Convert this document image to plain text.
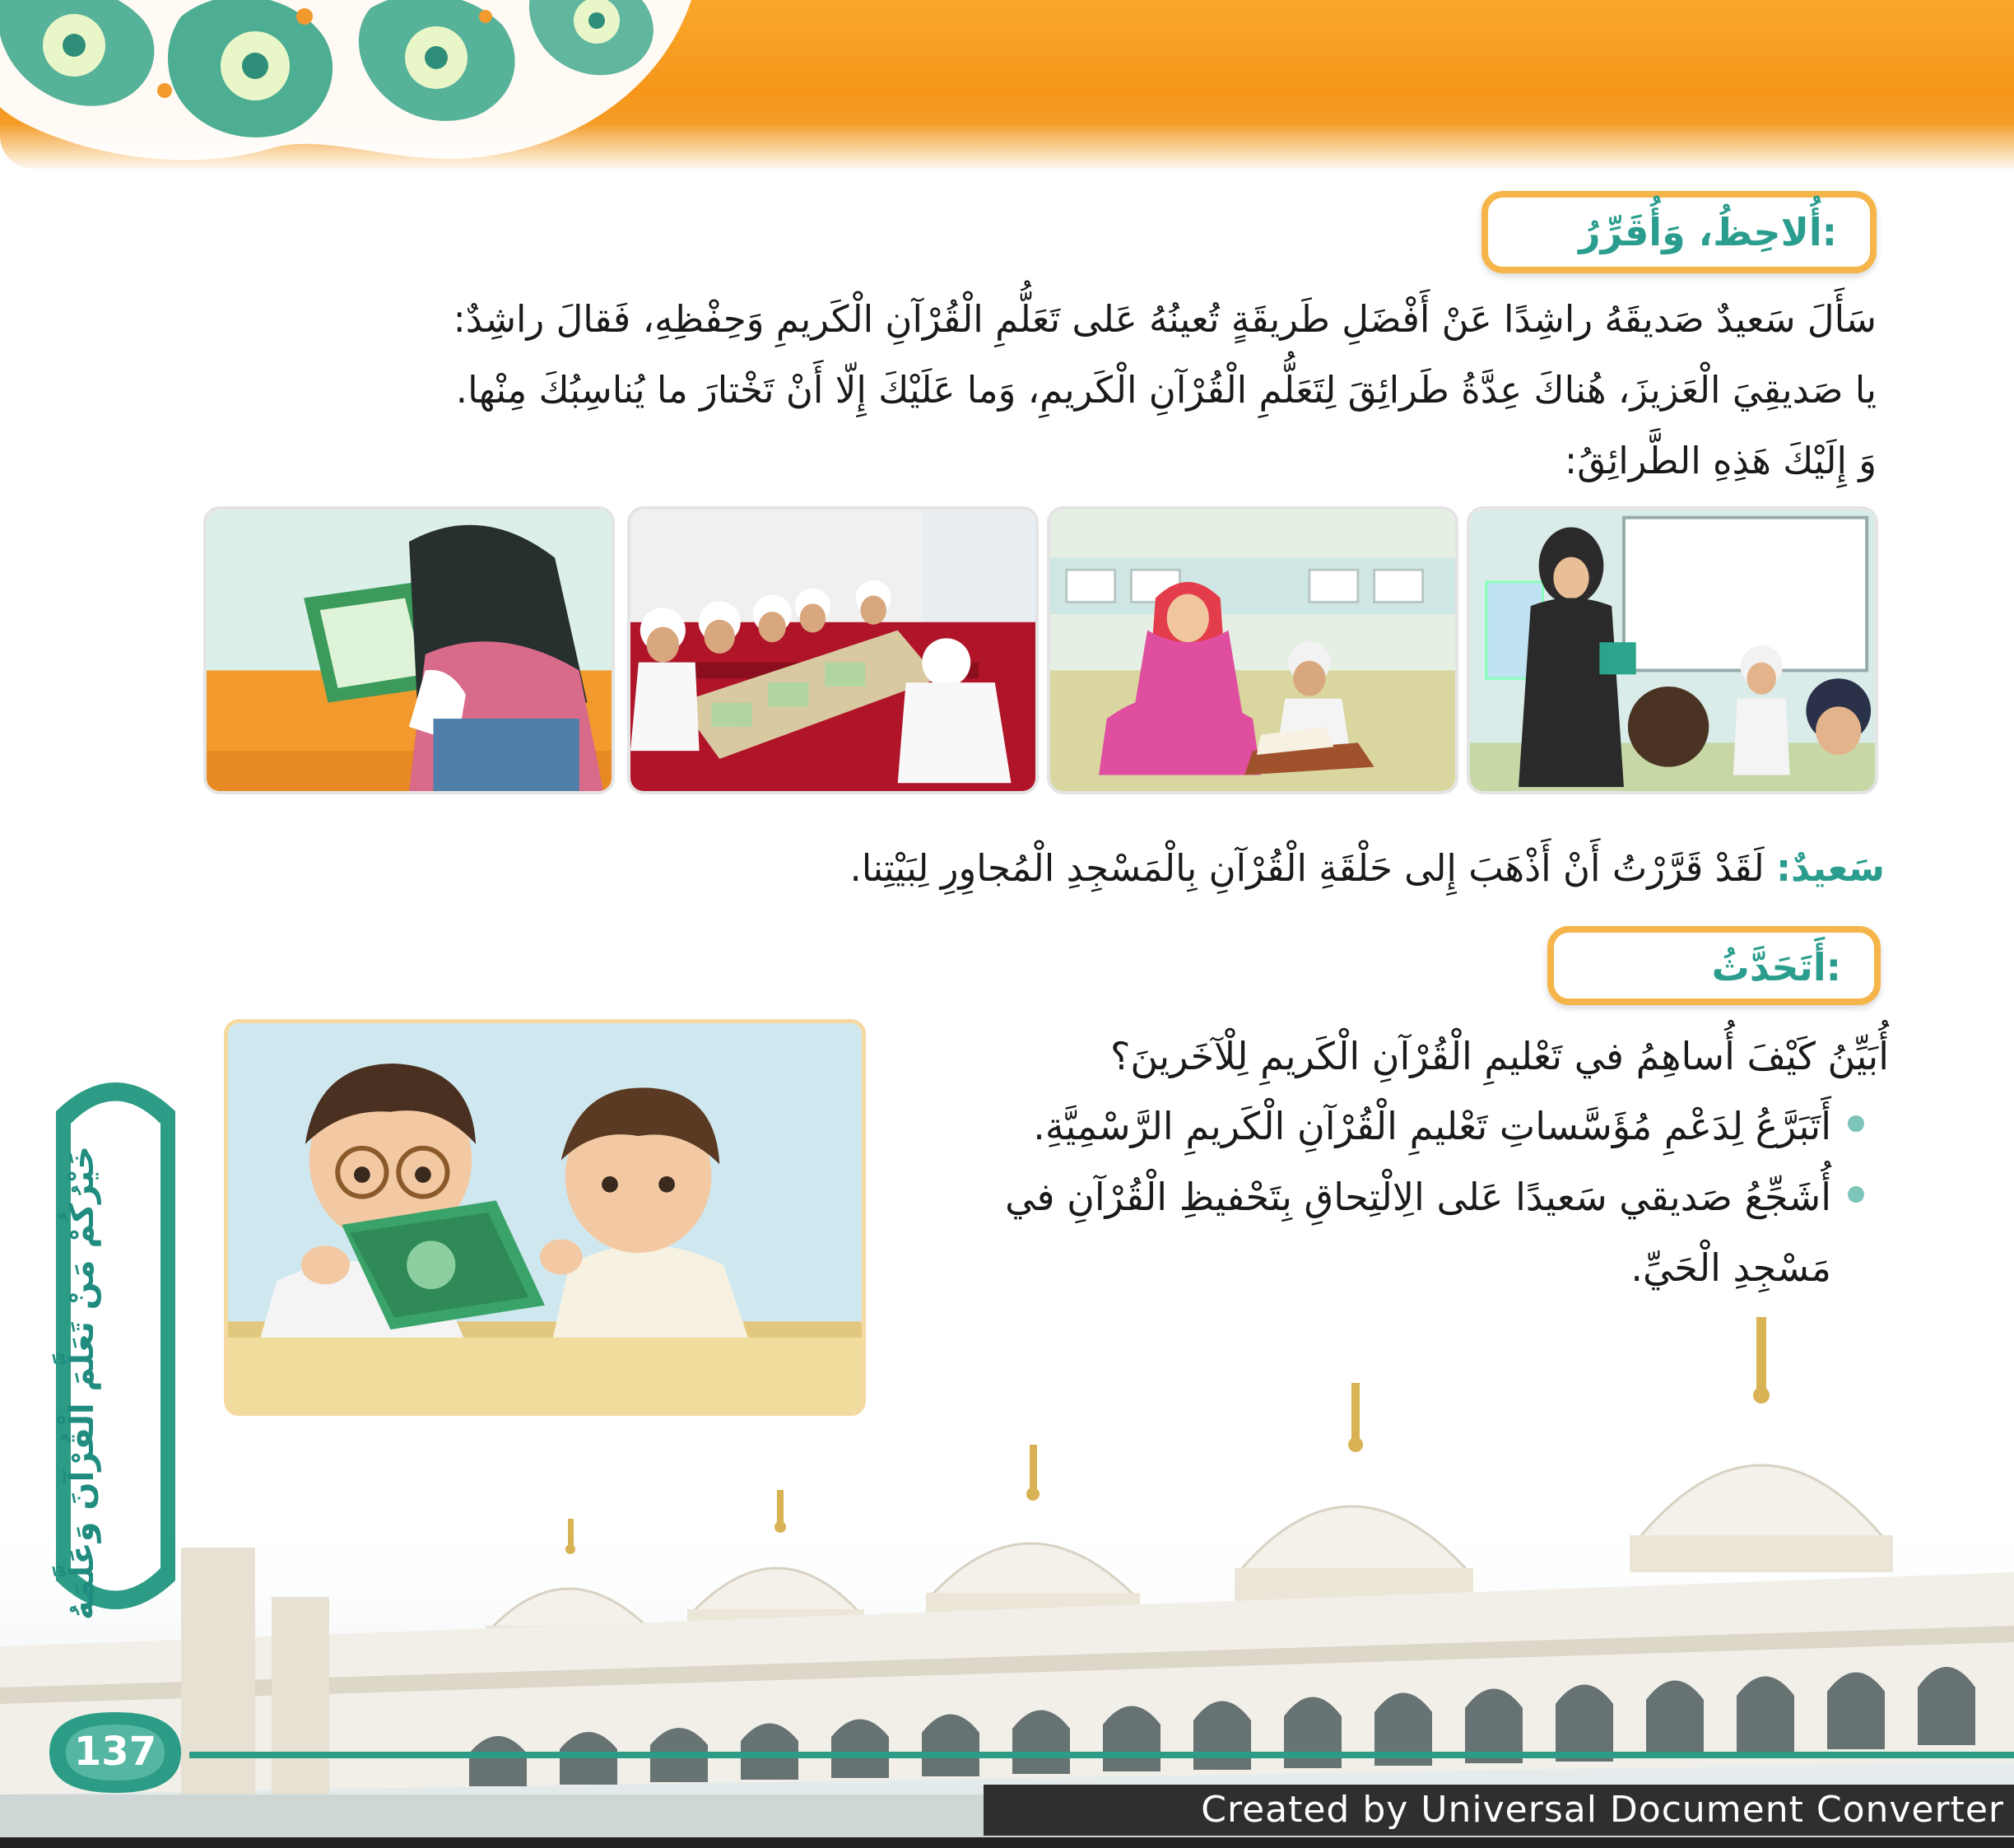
أُلاحِظُ، وَأُقَرِّرُ:

سَأَلَ سَعيدٌ صَديقَهُ راشِدًا عَنْ أَفْضَلِ طَريقَةٍ تُعينُهُ عَلى تَعَلُّمِ الْقُرْآنِ الْكَريمِ وَحِفْظِهِ، فَقالَ راشِدٌ:

يا صَديقِيَ الْعَزيزَ، هُناكَ عِدَّةُ طَرائِقَ لِتَعَلُّمِ الْقُرْآنِ الْكَريمِ، وَما عَلَيْكَ إِلّا أَنْ تَخْتارَ ما يُناسِبُكَ مِنْها.

وَ إِلَيْكَ هَذِهِ الطَّرائِقُ:

سَعيدٌ: لَقَدْ قَرَّرْتُ أَنْ أَذْهَبَ إِلى حَلْقَةِ الْقُرْآنِ بِالْمَسْجِدِ الْمُجاوِرِ لِبَيْتِنا.
أَتَحَدَّثُ:
أُبَيِّنُ كَيْفَ أُساهِمُ في تَعْليمِ الْقُرْآنِ الْكَريمِ لِلْآخَرينَ؟
أَتَبَرَّعُ لِدَعْمِ مُؤَسَّساتِ تَعْليمِ الْقُرْآنِ الْكَريمِ الرَّسْمِيَّةِ.
أُشَجِّعُ صَديقي سَعيدًا عَلى الِالْتِحاقِ بِتَحْفيظِ الْقُرْآنِ في مَسْجِدِ الْحَيِّ.
خَيْرُكُمْ مَنْ تَعَلَّمَ الْقُرْآنَ وَعَلَّمَهُ
137
Created by Universal Document Converter
